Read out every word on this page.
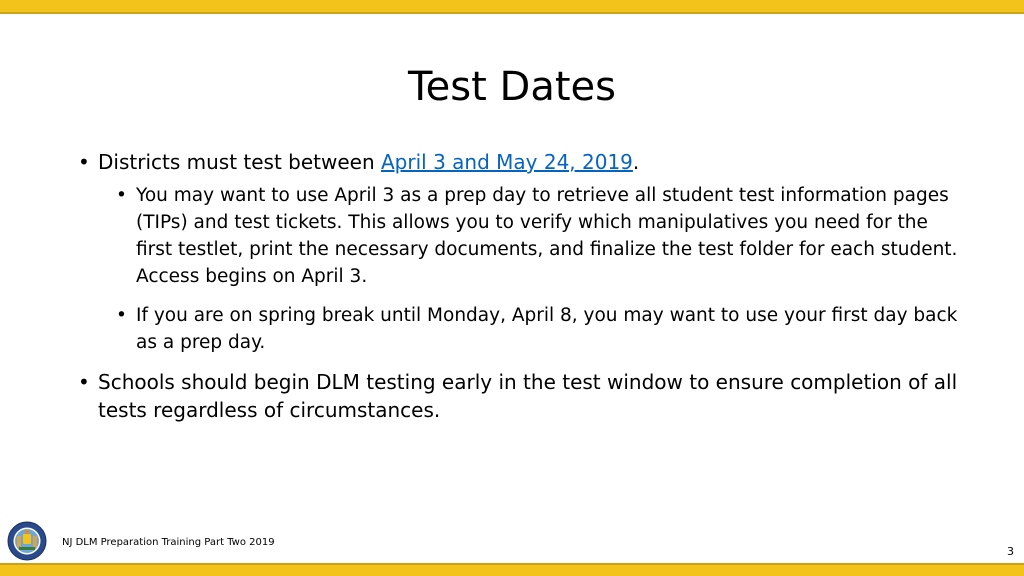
Test Dates
• Districts must test between April 3 and May 24, 2019.
• You may want to use April 3 as a prep day to retrieve all student test information pages (TIPs) and test tickets. This allows you to verify which manipulatives you need for the first testlet, print the necessary documents, and finalize the test folder for each student. Access begins on April 3.
• If you are on spring break until Monday, April 8, you may want to use your first day back as a prep day.
• Schools should begin DLM testing early in the test window to ensure completion of all tests regardless of circumstances.
NJ DLM Preparation Training Part Two 2019
3
